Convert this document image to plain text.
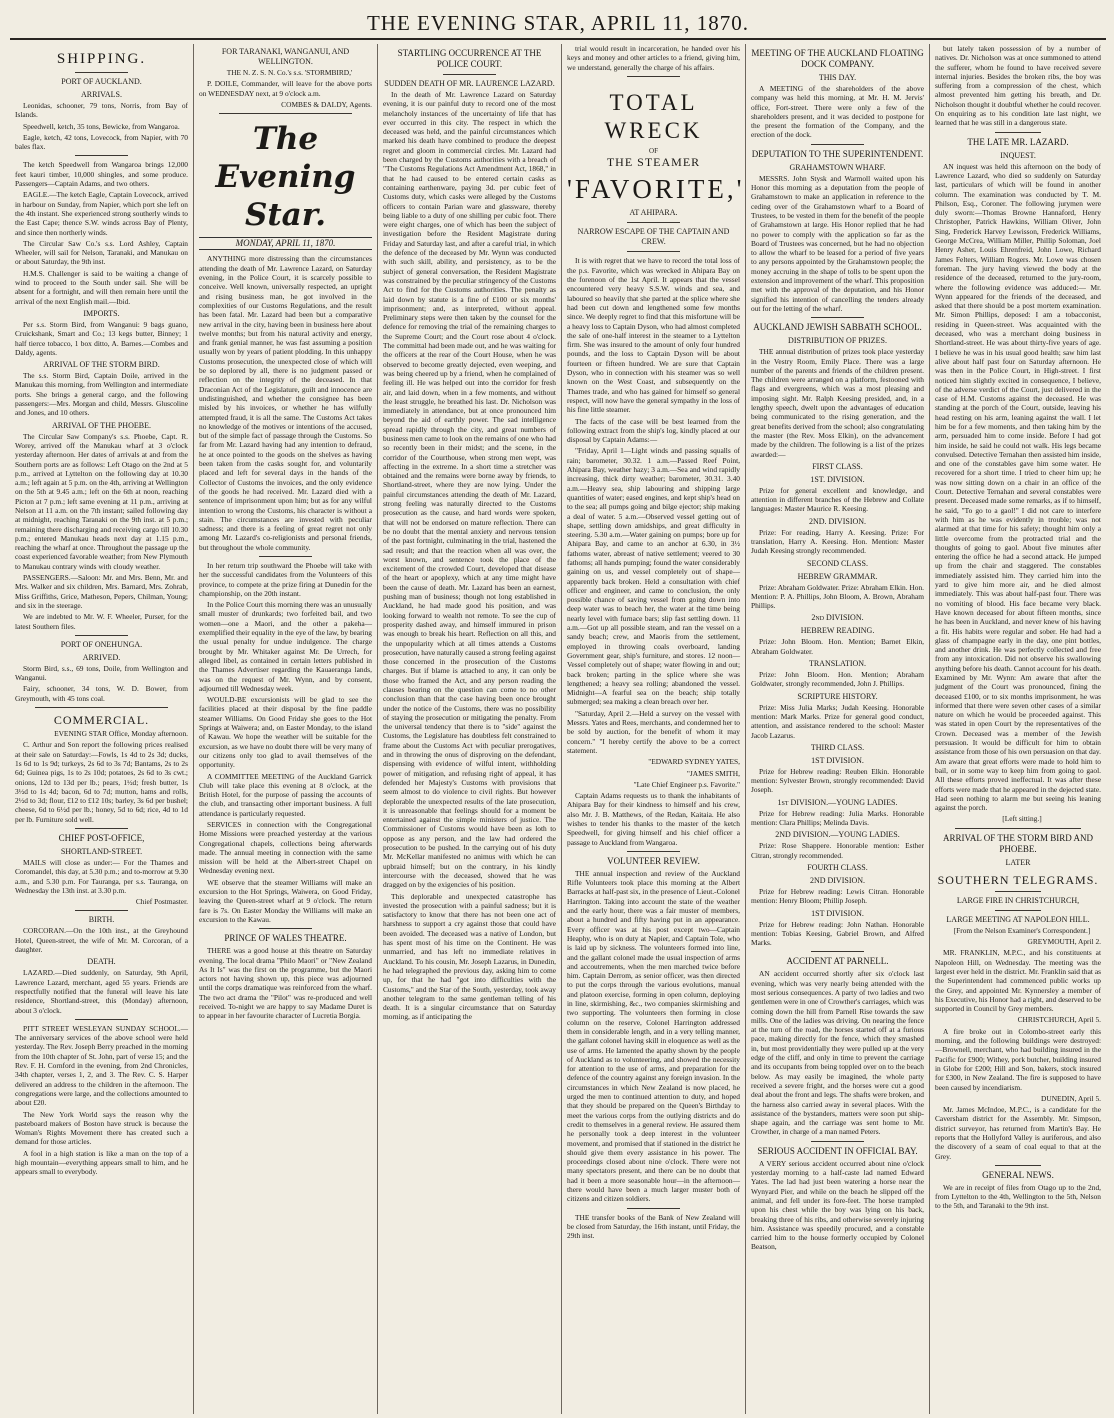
THE EVENING STAR, APRIL 11, 1870.
SHIPPING.
PORT OF AUCKLAND.
ARRIVALS.

Leonidas, schooner, 79 tons, Norris, from Bay of Islands.

Speedwell, ketch, 35 tons, Bewicke, from Wangaroa.

Eagle, ketch, 42 tons, Lovecock, from Napier, with 70 bales flax.

The ketch Speedwell from Wangaroa brings 12,000 feet kauri timber, 10,000 shingles, and some produce. Passengers—Captain Adams, and two others.

EAGLE.—The ketch Eagle, Captain Lovecock, arrived in harbour on Sunday, from Napier, which port she left on the 4th instant. She experienced strong southerly winds to the East Cape; thence S.W. winds across Bay of Plenty, and since then northerly winds.

The Circular Saw Co.'s s.s. Lord Ashley, Captain Wheeler, will sail for Nelson, Taranaki, and Manukau on or about Saturday, the 9th inst.

H.M.S. Challenger is said to be waiting a change of wind to proceed to the South under sail. She will be absent for a fortnight, and will then remain here until the arrival of the next English mail.—Ibid.

IMPORTS.

Per s.s. Storm Bird, from Wanganui: 9 bags guano, Cruickshank, Smart and Co.; 13 kegs butter, Binney; 1 half tierce tobacco, 1 box ditto, A. Barnes.—Combes and Daldy, agents.

ARRIVAL OF THE STORM BIRD.

The s.s. Storm Bird, Captain Doile, arrived in the Manukau this morning, from Wellington and intermediate ports. She brings a general cargo, and the following passengers:—Mrs. Morgan and child, Messrs. Gluscoline and Jones, and 10 others.

ARRIVAL OF THE PHOEBE.

The Circular Saw Company's s.s. Phoebe, Capt. R. Worey, arrived off the Manukau wharf at 3 o'clock yesterday afternoon. Her dates of arrivals at and from the Southern ports are as follows: Left Otago on the 2nd at 5 p.m., arrived at Lyttelton on the following day at 10.30 a.m.; left again at 5 p.m. on the 4th, arriving at Wellington on the 5th at 9.45 a.m.; left on the 6th at noon, reaching Picton at 7 p.m.; left same evening at 11 p.m., arriving at Nelson at 11 a.m. on the 7th instant; sailed following day at midnight, reaching Taranaki on the 9th inst. at 5 p.m.; remaining there discharging and receiving cargo till 10.30 p.m.; entered Manukau heads next day at 1.15 p.m., reaching the wharf at once. Throughout the passage up the coast experienced favorable weather; from New Plymouth to Manukau contrary winds with cloudy weather.

PASSENGERS.—Saloon: Mr. and Mrs. Benn, Mr. and Mrs. Walker and six children, Mrs. Barnard, Mrs. Zohrab, Miss Griffiths, Grice, Matheson, Pepers, Chilman, Young; and six in the steerage.

We are indebted to Mr. W. F. Wheeler, Purser, for the latest Southern files.

PORT OF ONEHUNGA.
ARRIVED.

Storm Bird, s.s., 69 tons, Doile, from Wellington and Wanganui.

Fairy, schooner, 34 tons, W. D. Bower, from Greymouth, with 45 tons coal.

COMMERCIAL.

EVENING STAR Office, Monday afternoon.

C. Arthur and Son report the following prices realised at their sale on Saturday:—Fowls, 1s 4d to 2s 3d; ducks, 1s 6d to 1s 9d; turkeys, 2s 6d to 3s 7d; Bantams, 2s to 2s 6d; Guinea pigs, 1s to 2s 10d; potatoes, 2s 6d to 3s cwt.; onions, 12d to 13d per lb.; pears, 1½d; fresh butter, 1s 3½d to 1s 4d; bacon, 6d to 7d; mutton, hams and rolls, 2½d to 3d; flour, £12 to £12 10s; barley, 3s 6d per bushel; cheese, 6d to 6½d per lb.; honey, 5d to 6d; rice, 4d to 1d per lb. Furniture sold well.

CHIEF POST-OFFICE,
SHORTLAND-STREET.

MAILS will close as under:— For the Thames and Coromandel, this day, at 5.30 p.m.; and to-morrow at 9.30 a.m., and 5.30 p.m. For Tauranga, per s.s. Tauranga, on Wednesday the 13th inst. at 3.30 p.m.

Chief Postmaster.

BIRTH.

CORCORAN.—On the 10th inst., at the Greyhound Hotel, Queen-street, the wife of Mr. M. Corcoran, of a daughter.

DEATH.

LAZARD.—Died suddenly, on Saturday, 9th April, Lawrence Lazard, merchant, aged 55 years. Friends are respectfully notified that the funeral will leave his late residence, Shortland-street, this (Monday) afternoon, about 3 o'clock.

PITT STREET WESLEYAN SUNDAY SCHOOL.—The anniversary services of the above school were held yesterday. The Rev. Joseph Berry preached in the morning from the 10th chapter of St. John, part of verse 15; and the Rev. F. H. Cornford in the evening, from 2nd Chronicles, 34th chapter, verses 1, 2, and 3. The Rev. C. S. Harper delivered an address to the children in the afternoon. The congregations were large, and the collections amounted to about £20.

The New York World says the reason why the pasteboard makers of Boston have struck is because the Woman's Rights Movement there has created such a demand for those articles.

A fool in a high station is like a man on the top of a high mountain—everything appears small to him, and he appears small to everybody.

FOR TARANAKI, WANGANUI, AND WELLINGTON.

THE N. Z. S. N. Co.'s s.s. 'STORMBIRD,'

P. DOILE, Commander, will leave for the above ports on WEDNESDAY next, at 9 o'clock a.m.

COMBES & DALDY, Agents.

The Evening Star.
MONDAY, APRIL 11, 1870.

ANYTHING more distressing than the circumstances attending the death of Mr. Lawrence Lazard, on Saturday evening, in the Police Court, it is scarcely possible to conceive. Well known, universally respected, an upright and rising business man, he got involved in the complexities of our Customs Regulations, and the result has been fatal. Mr. Lazard had been but a comparative new arrival in the city, having been in business here about twelve months; but from his natural activity and energy, and frank genial manner, he was fast assuming a position usually won by years of patient plodding. In this unhappy Customs prosecution, the unexpected close of which will be so deplored by all, there is no judgment passed or reflection on the integrity of the deceased. In that Draconian Act of the Legislature, guilt and innocence are undistinguished, and whether the consignee has been misled by his invoices, or whether he has wilfully attempted fraud, it is all the same. The Customs Act takes no knowledge of the motives or intentions of the accused, but of the simple fact of passage through the Customs. So far from Mr. Lazard having had any intention to defraud, he at once pointed to the goods on the shelves as having been taken from the casks sought for, and voluntarily placed and left for several days in the hands of the Collector of Customs the invoices, and the only evidence of the goods he had received. Mr. Lazard died with a sentence of imprisonment upon him; but as for any wilful intention to wrong the Customs, his character is without a stain. The circumstances are invested with peculiar sadness; and there is a feeling of great regret not only among Mr. Lazard's co-religionists and personal friends, but throughout the whole community.

In her return trip southward the Phoebe will take with her the successful candidates from the Volunteers of this province, to compete at the prize firing at Dunedin for the championship, on the 20th instant.

In the Police Court this morning there was an unusually small muster of drunkards; two forfeited bail, and two women—one a Maori, and the other a pakeha—exemplified their equality in the eye of the law, by bearing the usual penalty for undue indulgence. The charge brought by Mr. Whitaker against Mr. De Urrech, for alleged libel, as contained in certain letters published in the Thames Advertiser regarding the Kauaeranga lands, was on the request of Mr. Wynn, and by consent, adjourned till Wednesday week.

WOULD-BE excursionists will be glad to see the facilities placed at their disposal by the fine paddle steamer Williams. On Good Friday she goes to the Hot Springs at Waiwera; and, on Easter Monday, to the island of Kawau. We hope the weather will be suitable for the excursion, as we have no doubt there will be very many of our citizens only too glad to avail themselves of the opportunity.

A COMMITTEE MEETING of the Auckland Garrick Club will take place this evening at 8 o'clock, at the British Hotel, for the purpose of passing the accounts of the club, and transacting other important business. A full attendance is particularly requested.

SERVICES in connection with the Congregational Home Missions were preached yesterday at the various Congregational chapels, collections being afterwards made. The annual meeting in connection with the same mission will be held at the Albert-street Chapel on Wednesday evening next.

WE observe that the steamer Williams will make an excursion to the Hot Springs, Waiwera, on Good Friday, leaving the Queen-street wharf at 9 o'clock. The return fare is 7s. On Easter Monday the Williams will make an excursion to the Kawau.

PRINCE OF WALES THEATRE.

THERE was a good house at this theatre on Saturday evening. The local drama "Philo Maori" or "New Zealand As It Is" was the first on the programme, but the Maori actors not having shown up, this piece was adjourned until the corps dramatique was reinforced from the wharf. The two act drama the "Pilot" was re-produced and well received. To-night we are happy to say Madame Duret is to appear in her favourite character of Lucretia Borgia.

STARTLING OCCURRENCE AT THE POLICE COURT.
SUDDEN DEATH OF MR. LAURENCE LAZARD.

In the death of Mr. Lawrence Lazard on Saturday evening, it is our painful duty to record one of the most melancholy instances of the uncertainty of life that has ever occurred in this city. The respect in which the deceased was held, and the painful circumstances which marked his death have combined to produce the deepest regret and gloom in commercial circles. Mr. Lazard had been charged by the Customs authorities with a breach of "The Customs Regulations Act Amendment Act, 1868," in that he had caused to be entered certain casks as containing earthenware, paying 3d. per cubic feet of Customs duty, which casks were alleged by the Customs officers to contain Parian ware and glassware, thereby being liable to a duty of one shilling per cubic foot. There were eight charges, one of which has been the subject of investigation before the Resident Magistrate during Friday and Saturday last, and after a careful trial, in which the defence of the deceased by Mr. Wynn was conducted with such skill, ability, and persistency, as to be the subject of general conversation, the Resident Magistrate was constrained by the peculiar stringency of the Customs Act to find for the Customs authorities. The penalty as laid down by statute is a fine of £100 or six months' imprisonment; and, as interpreted, without appeal. Preliminary steps were then taken by the counsel for the defence for removing the trial of the remaining charges to the Supreme Court; and the Court rose about 4 o'clock. The committal had been made out, and he was waiting for the officers at the rear of the Court House, when he was observed to become greatly dejected, even weeping, and was being cheered up by a friend, when he complained of feeling ill. He was helped out into the corridor for fresh air, and laid down, when in a few moments, and without the least struggle, he breathed his last. Dr. Nicholson was immediately in attendance, but at once pronounced him beyond the aid of earthly power. The sad intelligence spread rapidly through the city, and great numbers of business men came to look on the remains of one who had so recently been in their midst; and the scene, in the corridor of the Courthouse, when strong men wept, was affecting in the extreme. In a short time a stretcher was obtained and the remains were borne away by friends, to Shortland-street, where they are now lying. Under the painful circumstances attending the death of Mr. Lazard, strong feeling was naturally directed to the Customs prosecution as the cause, and hard words were spoken, that will not be endorsed on mature reflection. There can be no doubt that the mental anxiety and nervous tension of the past fortnight, culminating in the trial, hastened the sad result; and that the reaction when all was over, the worst known, and sentence took the place of the excitement of the crowded Court, developed that disease of the heart or apoplexy, which at any time might have been the cause of death. Mr. Lazard has been an earnest, pushing man of business; though not long established in Auckland, he had made good his position, and was looking forward to wealth not remote. To see the cup of prosperity dashed away, and himself immured in prison was enough to break his heart. Reflection on all this, and the unpopularity which at all times attends a Customs prosecution, have naturally caused a strong feeling against those concerned in the prosecution of the Customs charges. But if blame is attached to any, it can only be those who framed the Act, and any person reading the clauses bearing on the question can come to no other conclusion than that the case having been once brought under the notice of the Customs, there was no possibility of staying the prosecution or mitigating the penalty. From the universal tendency that there is to "side" against the Customs, the Legislature has doubtless felt constrained to frame about the Customs Act with peculiar prerogatives, and in throwing the onus of disproving on the defendant, dispensing with evidence of wilful intent, withholding power of mitigation, and refusing right of appeal, it has defended her Majesty's Customs with provisions that seem almost to do violence to civil rights. But however deplorable the unexpected results of the late prosecution, it is unreasonable that feelings should for a moment be entertained against the simple ministers of justice. The Commissioner of Customs would have been as loth to oppose as any person, and the law had ordered the prosecution to be pushed. In the carrying out of his duty Mr. McKellar manifested no animus with which he can upbraid himself; but on the contrary, in his kindly intercourse with the deceased, showed that he was dragged on by the exigencies of his position.

This deplorable and unexpected catastrophe has invested the prosecution with a painful sadness; but it is satisfactory to know that there has not been one act of harshness to support a cry against those that could have been avoided. The deceased was a native of London, but has spent most of his time on the Continent. He was unmarried, and has left no immediate relatives in Auckland. To his cousin, Mr. Joseph Lazarus, in Dunedin, he had telegraphed the previous day, asking him to come up, for that he had "got into difficulties with the Customs," and the Star of the South, yesterday, took away another telegram to the same gentleman telling of his death. It is a singular circumstance that on Saturday morning, as if anticipating the

trial would result in incarceration, he handed over his keys and money and other articles to a friend, giving him, we understand, generally the charge of his affairs.

TOTAL WRECK
OF
THE STEAMER
'FAVORITE,'
AT AHIPARA.
NARROW ESCAPE OF THE CAPTAIN AND CREW.

It is with regret that we have to record the total loss of the p.s. Favorite, which was wrecked in Ahipara Bay on the forenoon of the 1st April. It appears that the vessel encountered very heavy S.S.W. winds and sea, and laboured so heavily that she parted at the splice where she had been cut down and lengthened some few months since. We deeply regret to find that this misfortune will be a heavy loss to Captain Dyson, who had almost completed the sale of one-half interest in the steamer to a Lyttelton firm. She was insured to the amount of only four hundred pounds, and the loss to Captain Dyson will be about fourteen or fifteen hundred. We are sure that Captain Dyson, who in connection with his steamer was so well known on the West Coast, and subsequently on the Thames trade, and who has gained for himself so general respect, will now have the general sympathy in the loss of his fine little steamer.

The facts of the case will be best learned from the following extract from the ship's log, kindly placed at our disposal by Captain Adams:—

"Friday, April 1—Light winds and passing squalls of rain; barometer, 30.32. 1 a.m.—Passed Reef Point, Ahipara Bay, weather hazy; 3 a.m.—Sea and wind rapidly increasing, thick dirty weather; barometer, 30.31. 3.40 a.m.—Heavy sea, ship labouring and shipping large quantities of water; eased engines, and kept ship's head on to the sea; all pumps going and bilge ejector; ship making a deal of water. 5 a.m.—Observed vessel getting out of shape, settling down amidships, and great difficulty in steering. 5.30 a.m.—Water gaining on pumps; bore up for Ahipara Bay, and came to an anchor at 6.30, in 3½ fathoms water, abreast of native settlement; veered to 30 fathoms; all hands pumping; found the water considerably gaining on us, and vessel completely out of shape—apparently back broken. Held a consultation with chief officer and engineer, and came to conclusion, the only possible chance of saving vessel from going down into deep water was to beach her, the water at the time being nearly level with furnace bars; slip fast settling down. 11 a.m.—Got up all possible steam, and ran the vessel on a sandy beach; crew, and Maoris from the settlement, employed in throwing coals overboard, landing Government gear, ship's furniture, and stores. 12 noon—Vessel completely out of shape; water flowing in and out; back broken; parting in the splice where she was lengthened; a heavy sea rolling; abandoned the vessel. Midnight—A fearful sea on the beach; ship totally submerged; sea making a clean breach over her.

"Saturday, April 2.—Held a survey on the vessel with Messrs. Yates and Rees, merchants, and condemned her to be sold by auction, for the benefit of whom it may concern." "I hereby certify the above to be a correct statement.

"EDWARD SYDNEY YATES,

"JAMES SMITH,

"Late Chief Engineer p.s. Favorite."

Captain Adams requests us to thank the inhabitants of Ahipara Bay for their kindness to himself and his crew, also Mr. J. B. Matthews, of the Redan, Kaitaia. He also wishes to tender his thanks to the master of the ketch Speedwell, for giving himself and his chief officer a passage to Auckland from Wangaroa.

VOLUNTEER REVIEW.

THE annual inspection and review of the Auckland Rifle Volunteers took place this morning at the Albert Barracks at half-past six, in the presence of Lieut.-Colonel Harrington. Taking into account the state of the weather and the early hour, there was a fair muster of members, about a hundred and fifty having put in an appearance. Every officer was at his post except two—Captain Heaphy, who is on duty at Napier, and Captain Tole, who is laid up by sickness. The volunteers formed into line, and the gallant colonel made the usual inspection of arms and accoutrements, when the men marched twice before him. Captain Derrom, as senior officer, was then directed to put the corps through the various evolutions, manual and platoon exercise, forming in open column, deploying in line, skirmishing, &c., two companies skirmishing and two supporting. The volunteers then forming in close column on the reserve, Colonel Harrington addressed them in considerable length, and in a very telling manner, the gallant colonel having skill in eloquence as well as the use of arms. He lamented the apathy shown by the people of Auckland as to volunteering, and showed the necessity for attention to the use of arms, and preparation for the defence of the country against any foreign invasion. In the circumstances in which New Zealand is now placed, he urged the men to continued attention to duty, and hoped that they should be prepared on the Queen's Birthday to meet the various corps from the outlying districts and do credit to themselves in a general review. He assured them he personally took a deep interest in the volunteer movement, and promised that if stationed in the district he should give them every assistance in his power. The proceedings closed about nine o'clock. There were not many spectators present, and there can be no doubt that had it been a more seasonable hour—in the afternoon—there would have been a much larger muster both of citizens and citizen soldiers.

THE transfer books of the Bank of New Zealand will be closed from Saturday, the 16th instant, until Friday, the 29th inst.

MEETING OF THE AUCKLAND FLOATING DOCK COMPANY.
THIS DAY.

A MEETING of the shareholders of the above company was held this morning, at Mr. H. M. Jervis' office, Fort-street. There were only a few of the shareholders present, and it was decided to postpone for the present the formation of the Company, and the erection of the dock.

DEPUTATION TO THE SUPERINTENDENT.
GRAHAMSTOWN WHARF.

MESSRS. John Stysk and Warmoll waited upon his Honor this morning as a deputation from the people of Grahamstown to make an application in reference to the ceding over of the Grahamstown wharf to a Board of Trustees, to be vested in them for the benefit of the people of Grahamstown at large. His Honor replied that he had no power to comply with the application so far as the Board of Trustees was concerned, but he had no objection to allow the wharf to be leased for a period of five years to any persons appointed by the Grahamstown people; the money accruing in the shape of tolls to be spent upon the extension and improvement of the wharf. This proposition met with the approval of the deputation, and his Honor signified his intention of cancelling the tenders already out for the letting of the wharf.

AUCKLAND JEWISH SABBATH SCHOOL.
DISTRIBUTION OF PRIZES.

THE annual distribution of prizes took place yesterday in the Vestry Room, Emily Place. There was a large number of the parents and friends of the children present. The children were arranged on a platform, festooned with flags and evergreens, which was a most pleasing and imposing sight. Mr. Ralph Keesing presided, and, in a lengthy speech, dwelt upon the advantages of education being communicated to the rising generation, and the great benefits derived from the school; also congratulating the master (the Rev. Moss Elkin), on the advancement made by the children. The following is a list of the prizes awarded:—

FIRST CLASS.
1ST. DIVISION.

Prize for general excellent and knowledge, and attention in different branches of the Hebrew and Collate languages: Master Maurice R. Keesing.

2ND. DIVISION.

Prize: For reading, Harry A. Keesing. Prize: For translation, Harry A. Keesing. Hon. Mention: Master Judah Keesing strongly recommended.

SECOND CLASS.
HEBREW GRAMMAR.

Prize: Abraham Goldwater. Prize: Abraham Elkin. Hon. Mention: P. A. Phillips, John Bloom, A. Brown, Abraham Phillips.

2nd DIVISION.
HEBREW READING.

Prize: John Bloom. Hon. Mention; Barnet Elkin, Abraham Goldwater.

TRANSLATION.

Prize: John Bloom. Hon. Mention; Abraham Goldwater, strongly recommended, John J. Phillips.

SCRIPTURE HISTORY.

Prize: Miss Julia Marks; Judah Keesing. Honorable mention: Mark Marks. Prize for general good conduct, attention, and assistance rendered to the school: Master Jacob Lazarus.

THIRD CLASS.
1ST DIVISION.

Prize for Hebrew reading: Reuben Elkin. Honorable mention: Sylvester Brown, strongly recommended: David Joseph.

1st DIVISION.—YOUNG LADIES.

Prize for Hebrew reading: Julia Marks. Honorable mention: Clara Phillips; Melinda Davis.

2ND DIVISION.—YOUNG LADIES.

Prize: Rose Shappere. Honorable mention: Esther Citran, strongly recommended.

FOURTH CLASS.
2ND DIVISION.

Prize for Hebrew reading: Lewis Citran. Honorable mention: Henry Bloom; Phillip Joseph.

1ST DIVISION.

Prize for Hebrew reading: John Nathan. Honorable mention: Tobias Keesing, Gabriel Brown, and Alfred Marks.

ACCIDENT AT PARNELL.

AN accident occurred shortly after six o'clock last evening, which was very nearly being attended with the most serious consequences. A party of two ladies and two gentlemen were in one of Crowther's carriages, which was coming down the hill from Parnell Rise towards the saw mills. One of the ladies was driving. On nearing the fence at the turn of the road, the horses started off at a furious pace, making directly for the fence, which they smashed in, but most providentially they were pulled up at the very edge of the cliff, and only in time to prevent the carriage and its occupants from being toppled over on to the beach below. As may easily be imagined, the whole party received a severe fright, and the horses were cut a good deal about the front and legs. The shafts were broken, and the harness also carried away in several places. With the assistance of the bystanders, matters were soon put ship-shape again, and the carriage was sent home to Mr. Crowther, in charge of a man named Peters.

SERIOUS ACCIDENT IN OFFICIAL BAY.

A VERY serious accident occurred about nine o'clock yesterday morning to a half-caste lad named Edward Yates. The lad had just been watering a horse near the Wynyard Pier, and while on the beach he slipped off the animal, and fell under its fore-feet. The horse trampled upon his chest while the boy was lying on his back, breaking three of his ribs, and otherwise severely injuring him. Assistance was speedily procured, and a constable carried him to the house formerly occupied by Colonel Beatson,

but lately taken possession of by a number of natives. Dr. Nicholson was at once summoned to attend the sufferer, whom he found to have received severe internal injuries. Besides the broken ribs, the boy was suffering from a compression of the chest, which almost prevented him getting his breath, and Dr. Nicholson thought it doubtful whether he could recover. On enquiring as to his condition late last night, we learned that he was still in a dangerous state.

THE LATE MR. LAZARD.
INQUEST.

AN inquest was held this afternoon on the body of Lawrence Lazard, who died so suddenly on Saturday last, particulars of which will be found in another column. The examination was conducted by T. M. Philson, Esq., Coroner. The following jurymen were duly sworn:—Thomas Browne Hannaford, Henry Christopher, Patrick Hawkins, William Oliver, John Sing, Frederick Harvey Lewisson, Frederick Williams, George McCrea, William Miller, Phillip Soloman, Joel Henry Asher, Louis Ehrenfreid, John Lowe, Richard James Felters, William Rogers. Mr. Lowe was chosen foreman. The jury having viewed the body at the residence of the deceased, returned to the jury-room, where the following evidence was adduced:— Mr. Wynn appeared for the friends of the deceased, and asked that there should be a post mortem examination. Mr. Simon Phillips, deposed: I am a tobacconist, residing in Queen-street. Was acquainted with the deceased, who was a merchant doing business in Shortland-street. He was about thirty-five years of age. I believe he was in his usual good health; saw him last alive about half past four on Saturday afternoon. He was then in the Police Court, in High-street. I first noticed him slightly excited in consequence, I believe, of the adverse verdict of the Court, just delivered in the case of H.M. Customs against the deceased. He was standing at the porch of the Court, outside, leaving his head resting on his arm, leaning against the wall. I let him be for a few moments, and then taking him by the arm, persuaded him to come inside. Before I had got him inside, he said he could not walk. His legs became convulsed. Detective Ternahan then assisted him inside, and one of the constables gave him some water. He recovered for a short time. I tried to cheer him up; he was now sitting down on a chair in an office of the Court. Detective Ternahan and several constables were present. Deceased made some remarks, as if to himself, he said, "To go to a gaol!" I did not care to interfere with him as he was evidently in trouble; was not alarmed at that time for his safety; thought him only a little overcome from the protracted trial and the thoughts of going to gaol. About five minutes after entering the office he had a second attack. He jumped up from the chair and staggered. The constables immediately assisted him. They carried him into the yard to give him more air, and he died almost immediately. This was about half-past four. There was no vomiting of blood. His face became very black. Have known deceased for about fifteen months, since he has been in Auckland, and never knew of his having a fit. His habits were regular and sober. He had had a glass of champagne early in the day, one pint bottles, and another drink. He was perfectly collected and free from any intoxication. Did not observe his swallowing anything before his death. Cannot account for his death. Examined by Mr. Wynn: Am aware that after the judgment of the Court was pronounced, fining the deceased £100, or to six months imprisonment, he was informed that there were seven other cases of a similar nature on which he would be proceeded against. This was stated in open Court by the representatives of the Crown. Deceased was a member of the Jewish persuasion. It would be difficult for him to obtain assistance from those of his own persuasion on that day. Am aware that great efforts were made to hold him to bail, or in some way to keep him from going to gaol. All these efforts proved ineffectual. It was after these efforts were made that he appeared in the dejected state. Had seen nothing to alarm me but seeing his leaning against the porch.

[Left sitting.]

ARRIVAL OF THE STORM BIRD AND PHOEBE.
LATER
SOUTHERN TELEGRAMS.
LARGE FIRE IN CHRISTCHURCH,
LARGE MEETING AT NAPOLEON HILL.

[From the Nelson Examiner's Correspondent.]

GREYMOUTH, April 2.

MR. FRANKLIN, M.P.C., and his constituents at Napoleon Hill, on Wednesday. The meeting was the largest ever held in the district. Mr. Franklin said that as the Superintendent had commenced public works up the Grey, and appointed Mr. Kynnersley a member of his Executive, his Honor had a right, and deserved to be supported in Council by Grey members.

CHRISTCHURCH, April 5.

A fire broke out in Colombo-street early this morning, and the following buildings were destroyed:—Brownell, merchant, who had building insured in the Pacific for £900; Withey, pork butcher, building insured in Globe for £200; Hill and Son, bakers, stock insured for £300, in New Zealand. The fire is supposed to have been caused by incendiarism.

DUNEDIN, April 5.

Mr. James McIndoe, M.P.C., is a candidate for the Caversham district for the Assembly. Mr. Simpson, district surveyor, has returned from Martin's Bay. He reports that the Hollyford Valley is auriferous, and also the discovery of a seam of coal equal to that at the Grey.

GENERAL NEWS.

We are in receipt of files from Otago up to the 2nd, from Lyttelton to the 4th, Wellington to the 5th, Nelson to the 5th, and Taranaki to the 9th inst.
